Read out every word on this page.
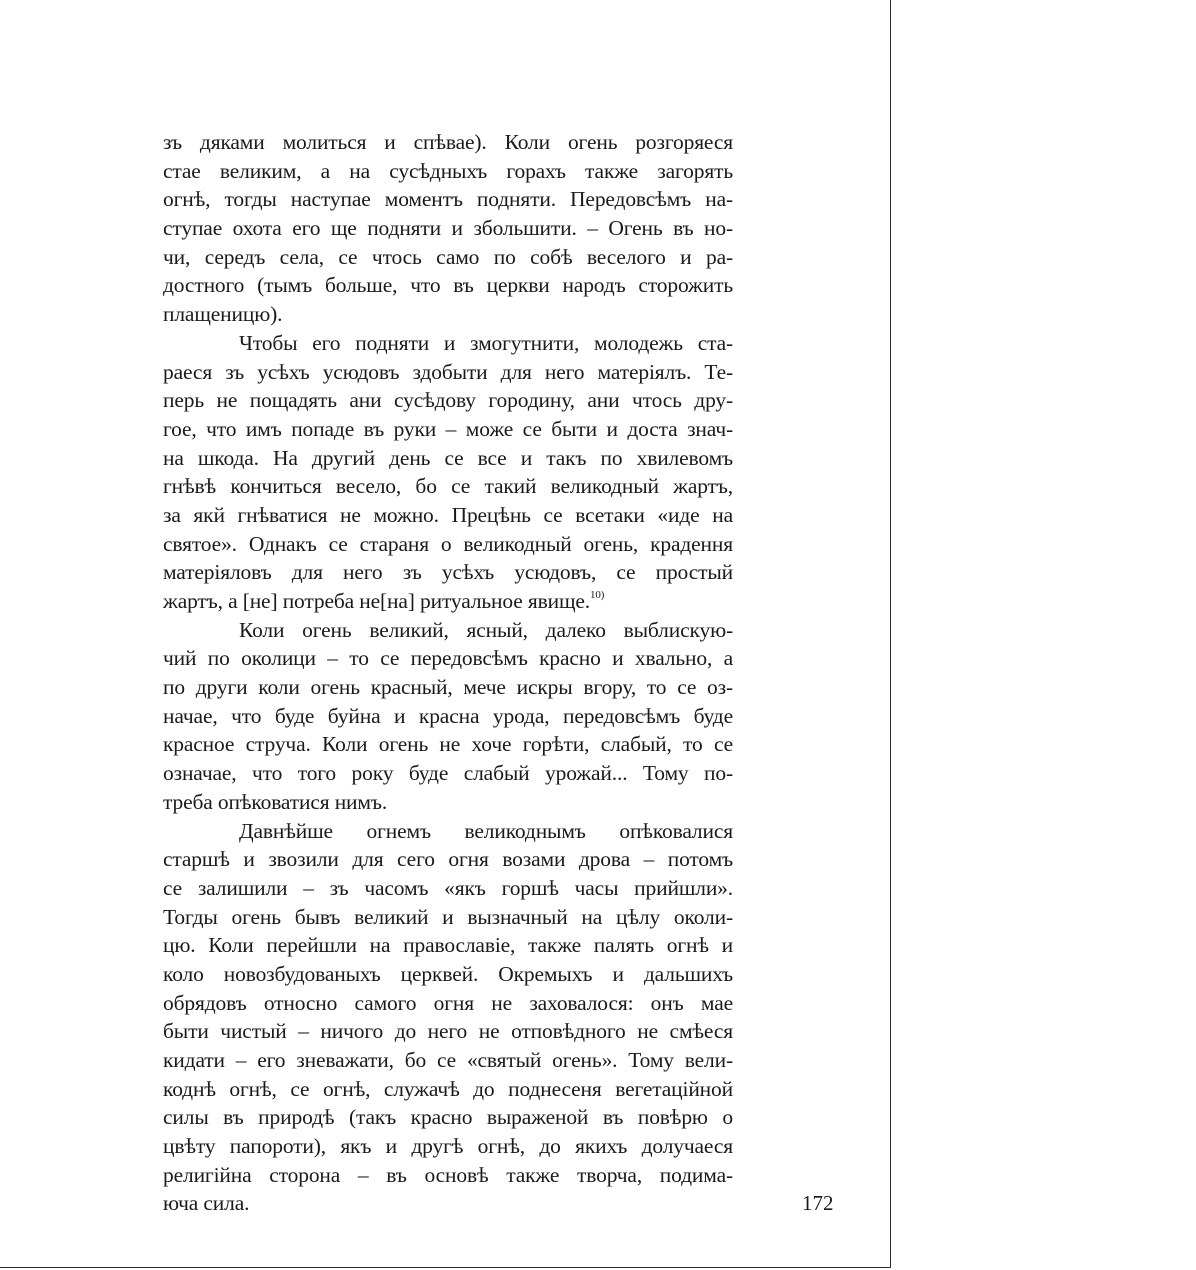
зъ дяками молиться и спѣвае). Коли огень розгоряеся
стае великим, а на сусѣдныхъ горахъ также загорять
огнѣ, тогды наступае моментъ подняти. Передовсѣмъ на-
ступае охота его ще подняти и збольшити. – Огень въ но-
чи, середъ села, се чтось само по собѣ веселого и ра-
достного (тымъ больше, что въ церкви народъ сторожить
плащеницю).
Чтобы его подняти и змогутнити, молодежь ста-
раеся зъ усѣхъ усюдовъ здобыти для него матеріялъ. Те-
перь не пощадять ани сусѣдову городину, ани чтось дру-
гое, что имъ попаде въ руки – може се быти и доста знач-
на шкода. На другий день се все и такъ по хвилевомъ
гнѣвѣ кончиться весело, бо се такий великодный жартъ,
за якй гнѣватися не можно. Прецѣнь се всетаки «иде на
святое». Однакъ се стараня о великодный огень, крадення
матеріяловъ для него зъ усѣхъ усюдовъ, се простый
жартъ, а [не] потреба не[на] ритуальное явище.$^{10)}$
Коли огень великий, ясный, далеко выблискую-
чий по околици – то се передовсѣмъ красно и хвально, а
по други коли огень красный, мече искры вгору, то се оз-
начае, что буде буйна и красна урода, передовсѣмъ буде
красное струча. Коли огень не хоче горѣти, слабый, то се
означае, что того року буде слабый урожай... Тому по-
треба опѣковатися нимъ.
Давнѣйше огнемъ великоднымъ опѣковалися
старшѣ и звозили для сего огня возами дрова – потомъ
се залишили – зъ часомъ «якъ горшѣ часы прийшли».
Тогды огень бывъ великий и вызначный на цѣлу околи-
цю. Коли перейшли на православіе, также палять огнѣ и
коло новозбудованыхъ церквей. Окремыхъ и дальшихъ
обрядовъ относно самого огня не заховалося: онъ мае
быти чистый – ничого до него не отповѣдного не смѣеся
кидати – его зневажати, бо се «святый огень». Тому вели-
коднѣ огнѣ, се огнѣ, служачѣ до поднесеня вегетаційной
силы въ природѣ (такъ красно выраженой въ повѣрю о
цвѣту папороти), якъ и другѣ огнѣ, до якихъ долучаеся
религійна сторона – въ основѣ также творча, подима-
юча сила.	172
